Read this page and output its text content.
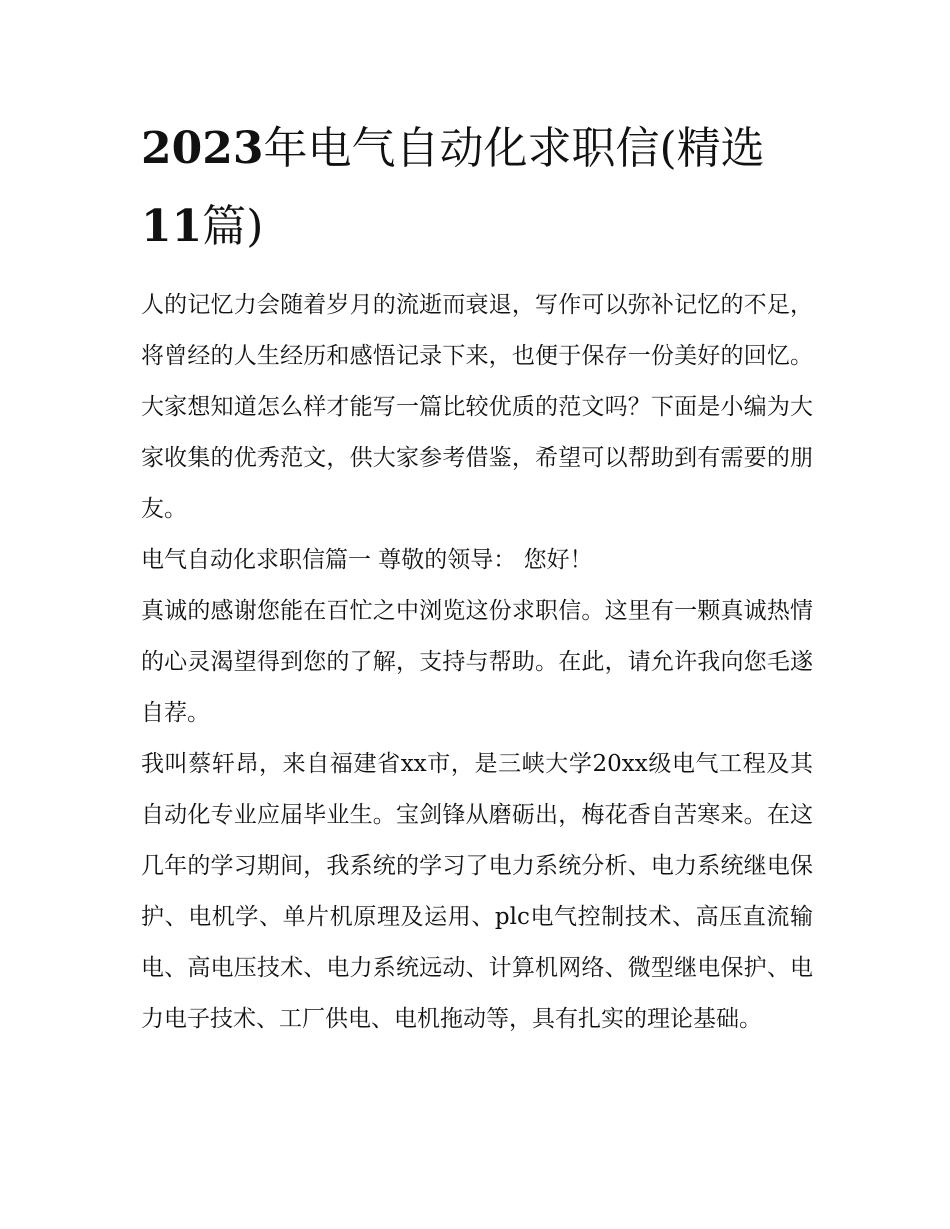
2023年电气自动化求职信(精选
11篇)

人的记忆力会随着岁月的流逝而衰退，写作可以弥补记忆的不足，将曾经的人生经历和感悟记录下来，也便于保存一份美好的回忆。大家想知道怎么样才能写一篇比较优质的范文吗？下面是小编为大家收集的优秀范文，供大家参考借鉴，希望可以帮助到有需要的朋友。

电气自动化求职信篇一 尊敬的领导： 您好！

真诚的感谢您能在百忙之中浏览这份求职信。这里有一颗真诚热情的心灵渴望得到您的了解，支持与帮助。在此，请允许我向您毛遂自荐。

我叫蔡轩昂，来自福建省xx市，是三峡大学20xx级电气工程及其自动化专业应届毕业生。宝剑锋从磨砺出，梅花香自苦寒来。在这几年的学习期间，我系统的学习了电力系统分析、电力系统继电保护、电机学、单片机原理及运用、plc电气控制技术、高压直流输电、高电压技术、电力系统远动、计算机网络、微型继电保护、电力电子技术、工厂供电、电机拖动等，具有扎实的理论基础。
